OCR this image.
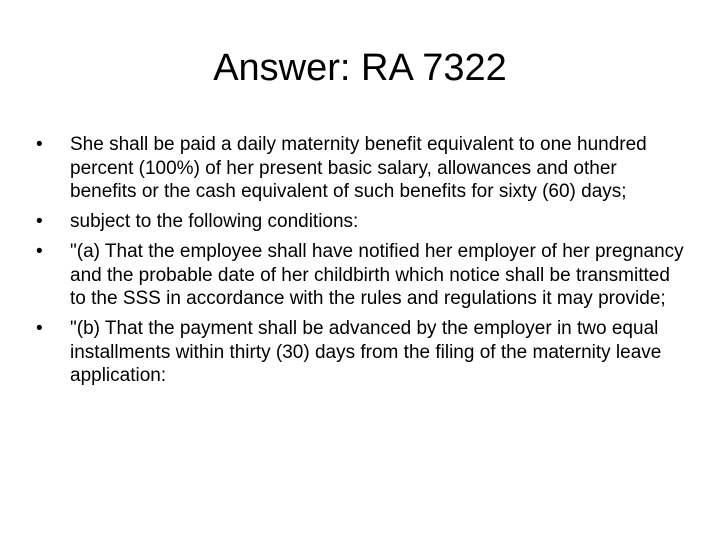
Answer: RA 7322
•	She shall be paid a daily maternity benefit equivalent to one hundred percent (100%) of her present basic salary, allowances and other benefits or the cash equivalent of such benefits for sixty (60) days;
•	subject to the following conditions:
•	"(a) That the employee shall have notified her employer of her pregnancy and the probable date of her childbirth which notice shall be transmitted to the SSS in accordance with the rules and regulations it may provide;
•	"(b) That the payment shall be advanced by the employer in two equal installments within thirty (30) days from the filing of the maternity leave application:
